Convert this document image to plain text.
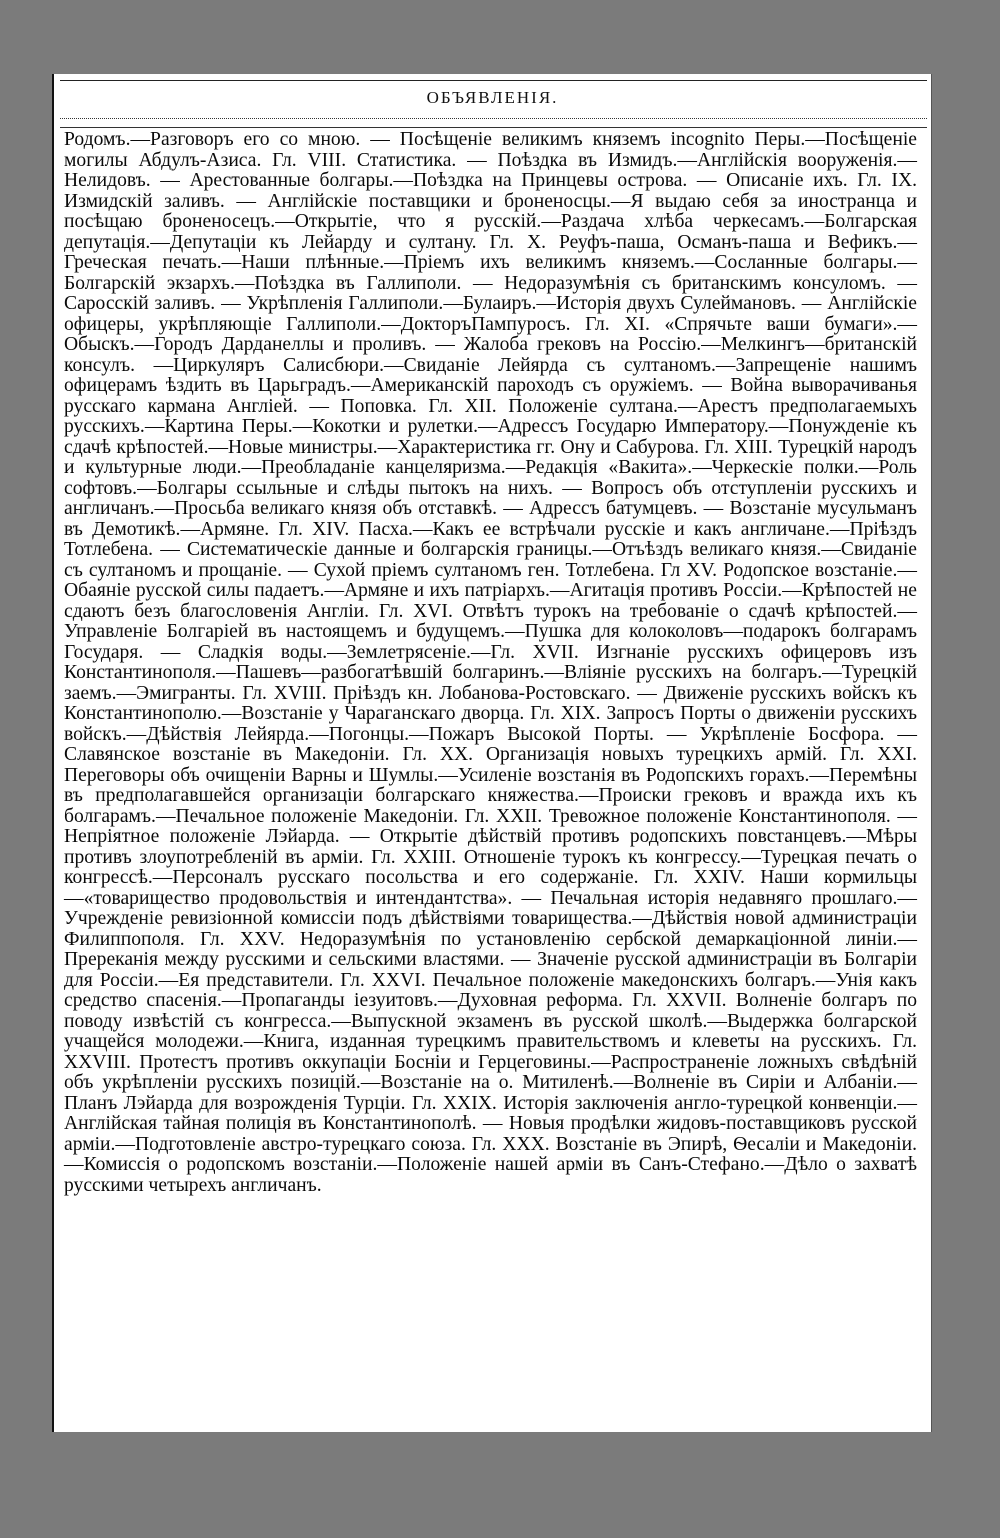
ОБЪЯВЛЕНІЯ.

Родомъ.—Разговоръ его со мною. — Посѣщеніе великимъ княземъ incognito Перы.—Посѣщеніе могилы Абдулъ-Азиса. Гл. VIII. Статистика. — Поѣздка въ Измидъ.—Англійскія вооруженія.—Нелидовъ. — Арестованные болгары.—Поѣздка на Принцевы острова. — Описаніе ихъ. Гл. IX. Измидскій заливъ. — Англійскіе поставщики и броненосцы.—Я выдаю себя за иностранца и посѣщаю броненосецъ.—Открытіе, что я русскій.—Раздача хлѣба черкесамъ.—Болгарская депутація.—Депутаціи къ Лейарду и султану. Гл. X. Реуфъ-паша, Османъ-паша и Вефикъ.—Греческая печать.—Наши плѣнные.—Пріемъ ихъ великимъ княземъ.—Сосланные болгары.—Болгарскій экзархъ.—Поѣздка въ Галлиполи. — Недоразумѣнія съ британскимъ консуломъ. — Саросскій заливъ. — Укрѣпленія Галлиполи.—Булаиръ.—Исторія двухъ Сулеймановъ. — Англійскіе офицеры, укрѣпляющіе Галлиполи.—ДокторъПампуросъ. Гл. XI. «Спрячьте ваши бумаги».—Обыскъ.—Городъ Дарданеллы и проливъ. — Жалоба грековъ на Россію.—Мелкингъ—британскій консулъ. —Циркуляръ Салисбюри.—Свиданіе Лейярда съ султаномъ.—Запрещеніе нашимъ офицерамъ ѣздить въ Царьградъ.—Американскій пароходъ съ оружіемъ. — Война выворачиванья русскаго кармана Англіей. — Поповка. Гл. XII. Положеніе султана.—Арестъ предполагаемыхъ русскихъ.—Картина Перы.—Кокотки и рулетки.—Адрессъ Государю Императору.—Понужденіе къ сдачѣ крѣпостей.—Новые министры.—Характеристика гг. Ону и Сабурова. Гл. XIII. Турецкій народъ и культурные люди.—Преобладаніе канцеляризма.—Редакція «Вакита».—Черкеcкіе полки.—Роль софтовъ.—Болгары ссыльные и слѣды пытокъ на нихъ. — Вопросъ объ отступленіи русскихъ и англичанъ.—Просьба великаго князя объ отставкѣ. — Адрессъ батумцевъ. — Возстаніе мусульманъ въ Демотикѣ.—Армяне. Гл. XIV. Пасха.—Какъ ее встрѣчали русскіе и какъ англичане.—Пріѣздъ Тотлебена. — Систематическіе данные и болгарскія границы.—Отъѣздъ великаго князя.—Свиданіе съ султаномъ и прощаніе. — Сухой пріемъ султаномъ ген. Тотлебена. Гл XV. Родопское возстаніе.—Обаяніе русской силы падаетъ.—Армяне и ихъ патріархъ.—Агитація противъ Россіи.—Крѣпостей не сдаютъ безъ благословенія Англіи. Гл. XVI. Отвѣтъ турокъ на требованіе о сдачѣ крѣпостей.—Управленіе Болгаріей въ настоящемъ и будущемъ.—Пушка для колоколовъ—подарокъ болгарамъ Государя. — Сладкія воды.—Землетрясеніе.—Гл. XVII. Изгнаніе русскихъ офицеровъ изъ Константинополя.—Пашевъ—разбогатѣвшій болгаринъ.—Вліяніе русскихъ на болгаръ.—Турецкій заемъ.—Эмигранты. Гл. XVIII. Пріѣздъ кн. Лобанова-Ростовскаго. — Движеніе русскихъ войскъ къ Константинополю.—Возстаніе у Чараганскаго дворца. Гл. XIX. Запросъ Порты о движеніи русскихъ войскъ.—Дѣйствія Лейярда.—Погонцы.—Пожаръ Высокой Порты. — Укрѣпленіе Босфора. — Славянское возстаніе въ Македоніи. Гл. XX. Организація новыхъ турецкихъ армій. Гл. XXI. Переговоры объ очищеніи Варны и Шумлы.—Усиленіе возстанія въ Родопскихъ горахъ.—Перемѣны въ предполагавшейся организаціи болгарскаго княжества.—Происки грековъ и вражда ихъ къ болгарамъ.—Печальное положеніе Македоніи. Гл. XXII. Тревожное положеніе Константинополя. — Непріятное положеніе Лэйарда. — Открытіе дѣйствій противъ родопскихъ повстанцевъ.—Мѣры противъ злоупотребленій въ арміи. Гл. XXIII. Отношеніе турокъ къ конгрессу.—Турецкая печать о конгрессѣ.—Персоналъ русскаго посольства и его содержаніе. Гл. XXIV. Наши кормильцы—«товарищество продовольствія и интендантства». — Печальная исторія недавняго прошлаго.—Учрежденіе ревизіонной комиссіи подъ дѣйствіями товарищества.—Дѣйствія новой администраціи Филиппополя. Гл. XXV. Недоразумѣнія по установленію сербской демаркаціонной линіи.—Пререканія между русскими и сельскими властями. — Значеніе русской администраціи въ Болгаріи для Россіи.—Ея представители. Гл. XXVI. Печальное положеніе македонскихъ болгаръ.—Унія какъ средство спасенія.—Пропаганды іезуитовъ.—Духовная реформа. Гл. XXVII. Волненіе болгаръ по поводу извѣстій съ конгресса.—Выпускной экзаменъ въ русской школѣ.—Выдержка болгарской учащейся молодежи.—Книга, изданная турецкимъ правительствомъ и клеветы на русскихъ. Гл. XXVIII. Протестъ противъ оккупаціи Босніи и Герцеговины.—Распространеніе ложныхъ свѣдѣній объ укрѣпленіи русскихъ позицій.—Возстаніе на о. Митиленѣ.—Волненіе въ Сиріи и Албаніи.—Планъ Лэйарда для возрожденія Турціи. Гл. XXIX. Исторія заключенія англо-турецкой конвенціи.—Англійская тайная полиція въ Константинополѣ. — Новыя продѣлки жидовъ-поставщиковъ русской арміи.—Подготовленіе австро-турецкаго союза. Гл. XXX. Возстаніе въ Эпирѣ, Ѳесаліи и Македоніи.—Комиссія о родопскомъ возстаніи.—Положеніе нашей арміи въ Санъ-Стефано.—Дѣло о захватѣ русскими четырехъ англичанъ.
